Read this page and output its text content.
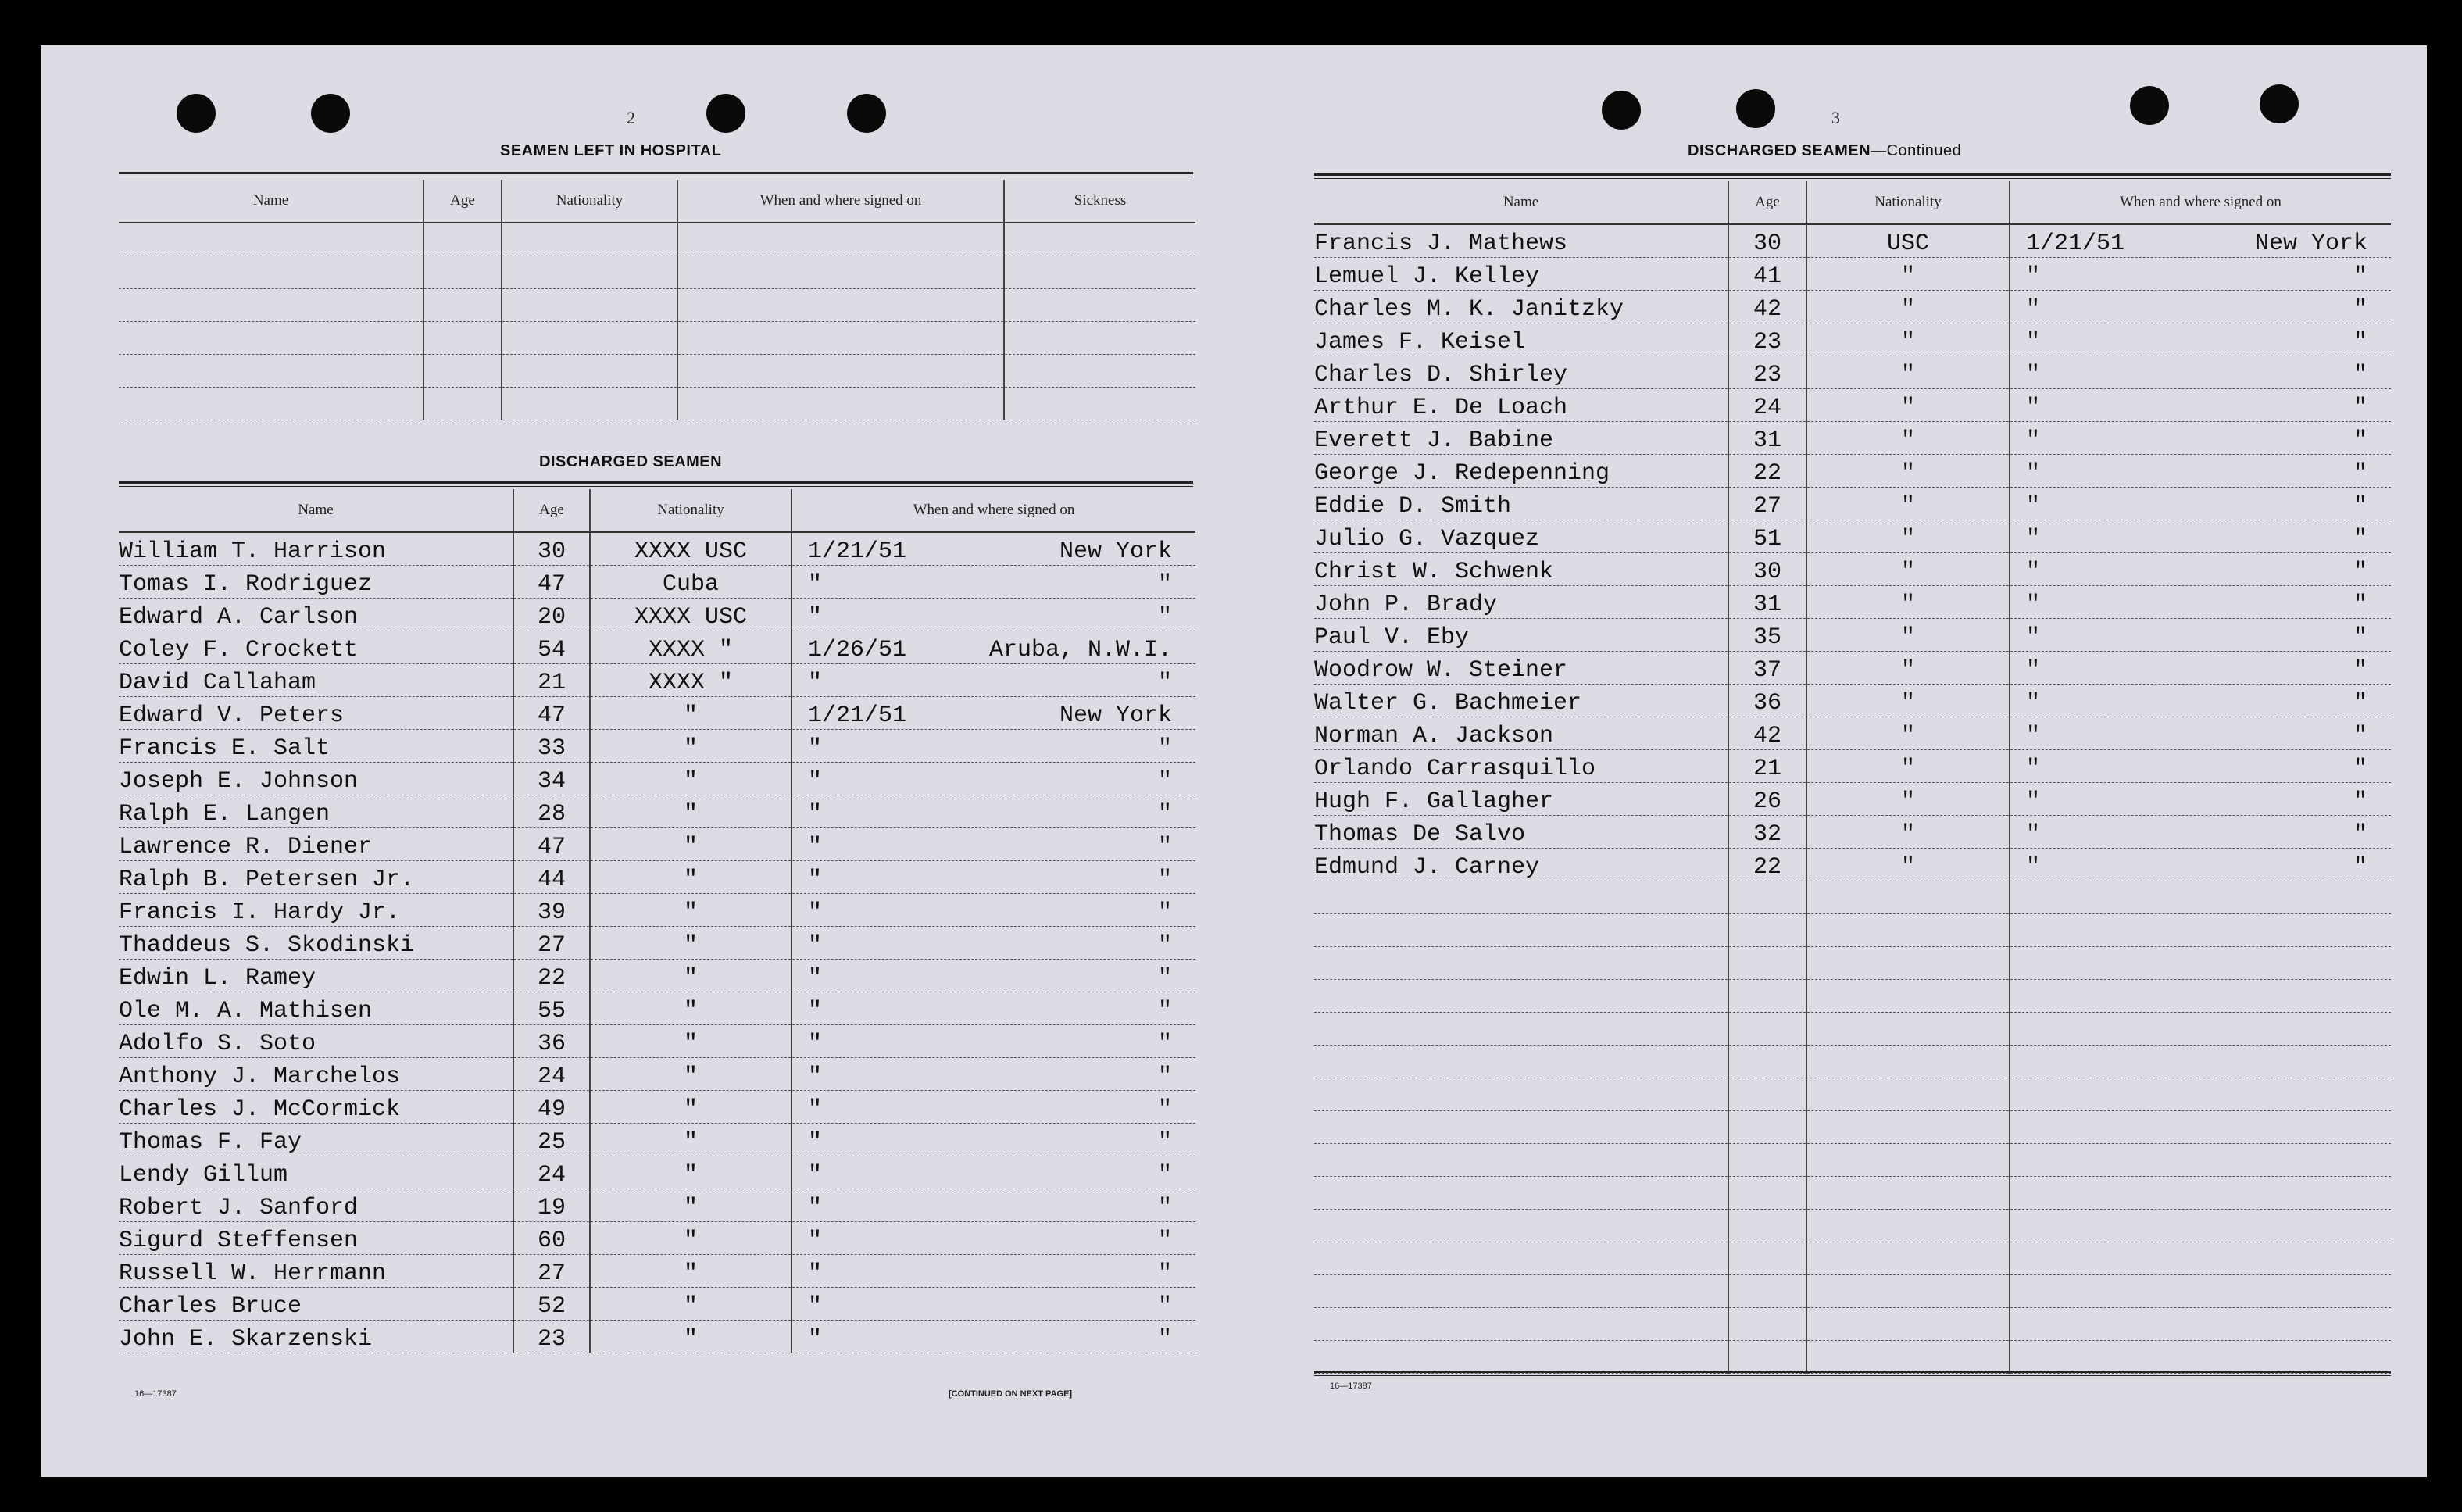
2
SEAMEN LEFT IN HOSPITAL
Name	Age	Nationality	When and where signed on	Sickness

DISCHARGED SEAMEN
Name	Age	Nationality	When and where signed on
William T. Harrison	30	XXXX USC	1/21/51 New York

Tomas I. Rodriguez	47	Cuba	" "

Edward A. Carlson	20	XXXX USC	" "

Coley F. Crockett	54	XXXX "	1/26/51 Aruba, N.W.I.

David Callaham	21	XXXX "	" "

Edward V. Peters	47	"	1/21/51 New York

Francis E. Salt	33	"	" "

Joseph E. Johnson	34	"	" "

Ralph E. Langen	28	"	" "

Lawrence R. Diener	47	"	" "

Ralph B. Petersen Jr.	44	"	" "

Francis I. Hardy Jr.	39	"	" "

Thaddeus S. Skodinski	27	"	" "

Edwin L. Ramey	22	"	" "

Ole M. A. Mathisen	55	"	" "

Adolfo S. Soto	36	"	" "

Anthony J. Marchelos	24	"	" "

Charles J. McCormick	49	"	" "

Thomas F. Fay	25	"	" "

Lendy Gillum	24	"	" "

Robert J. Sanford	19	"	" "

Sigurd Steffensen	60	"	" "

Russell W. Herrmann	27	"	" "

Charles Bruce	52	"	" "

John E. Skarzenski	23	"	" "
16—17387	[CONTINUED ON NEXT PAGE]
3
DISCHARGED SEAMEN—Continued
Name	Age	Nationality	When and where signed on
Francis J. Mathews	30	USC	1/21/51 New York

Lemuel J. Kelley	41	"	" "

Charles M. K. Janitzky	42	"	" "

James F. Keisel	23	"	" "

Charles D. Shirley	23	"	" "

Arthur E. De Loach	24	"	" "

Everett J. Babine	31	"	" "

George J. Redepenning	22	"	" "

Eddie D. Smith	27	"	" "

Julio G. Vazquez	51	"	" "

Christ W. Schwenk	30	"	" "

John P. Brady	31	"	" "

Paul V. Eby	35	"	" "

Woodrow W. Steiner	37	"	" "

Walter G. Bachmeier	36	"	" "

Norman A. Jackson	42	"	" "

Orlando Carrasquillo	21	"	" "

Hugh F. Gallagher	26	"	" "

Thomas De Salvo	32	"	" "

Edmund J. Carney	22	"	" "

16—17387
